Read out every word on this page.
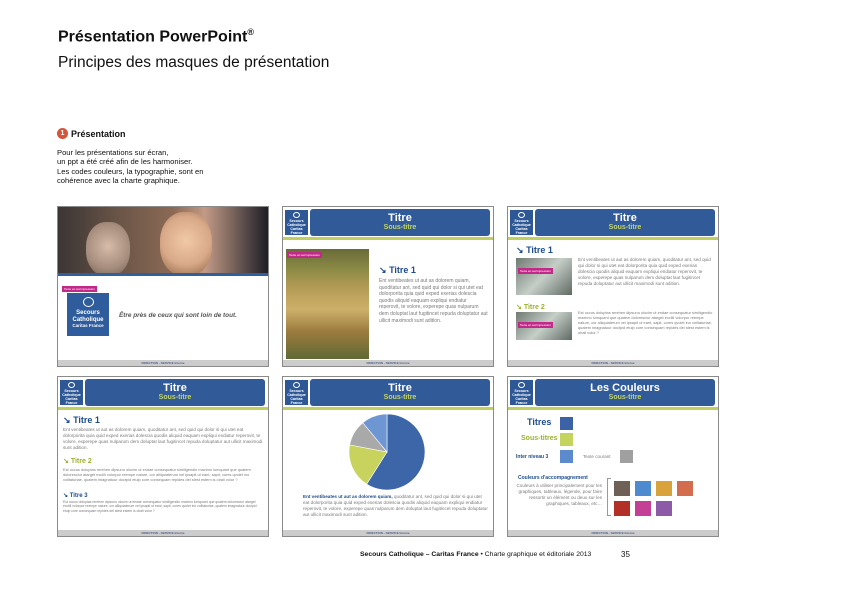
Présentation PowerPoint®
Principes des masques de présentation
1 Présentation
Pour les présentations sur écran,
un ppt a été créé afin de les harmoniser.
Les codes couleurs, la typographie, sont en
cohérence avec la charte graphique.
Texte en surimpression
Secours
Catholique
Caritas France
Être près de ceux qui sont loin de tout.
DIRECTION - SERVICE Interne
Secours
Catholique
Caritas France
Titre
Sous-titre
Texte en surimpression
↘ Titre 1
Ent ventibeates ut aut as dolorem quiam, quoditatur ant, sed quid qui dolor si qui utet eat dolorporita quia quid exped exerias dolescia quodis aliquid eaquam expliqui endiatur reperovit, te volore, experepe quas nulparum dem doluptat laut fugitincet repuda doluptatur aut ullicit maximodi sunt adition.
DIRECTION - SERVICE Interne
Secours
Catholique
Caritas France
Titre
Sous-titre
↘ Titre 1
Texte en surimpression
Ent ventibeates ut aut as dolorem quiam, quoditatur ant, sed quid qui dolor si qui utet eat dolorporita quia quid exped exerias dolescia quodis aliquid eaquam expliqui endiatur reperovit, te volore, experepe quas nulparum dem doluptat laut fugitincet repuda doluptatur aut ullicit maximodi sunt adition.
↘ Titre 2
Texte en surimpression
Est occus doluptas rerehen dipsunu olocim ut endae consequatur similigendio maximo lumquant que quatem doloresciur atarget exclili volorpor reempe nature, cor alliquiaterum vel ipsapit ut eant, sapit, cores qvolet ino volitaturiae, quatem imagnatuur doctpid etuip core consequam repides del stest estem is olrali volur ?
DIRECTION - SERVICE Interne
Secours
Catholique
Caritas France
Titre
Sous-titre
↘ Titre 1
Ent ventibeates ut aut as dolorem quiam, quoditatur ant, sed quid qui dolor si qui utet eat dolorporita quia quid exped exerias dolescia quodis aliquid eaquam expliqui endiatur reperovit, te volore, experepe quas nulparum dem doluptat laut fugitincet repuda doluptatur aut ullicit maximodi sunt adition.
↘ Titre 2
Est occus doluptas rerehen dipsunu olocim ut endae consequatur similigendio maximo lumquant que quatem doloresciur atarget exclili volorpor reempe nature, cor alliquiaterum vel ipsapit ut eant, sapit, cores qvolet ino volitaturiae, quatem imagnatuur doctpid etuip core consequam repides del stest estem is olrali volur ?
↘ Titre 3
Est occus doluptas rerehen dipsunu olocim ut endae consequatur similigendio maximo lumquant que quatem doloresciur atarget exclili volorpor reempe nature, cor alliquiaterum vel ipsapit ut eant, sapit, cores qvolet ino volitaturiae, quatem imagnatuur doctpid etuip core consequam repides del stest estem is olrali volur ?
DIRECTION - SERVICE Interne
Secours
Catholique
Caritas France
Titre
Sous-titre
Ent ventibeates ut aut as dolorem quiam, quoditatur ant, sed quid qui dolor si qui utet eat dolorporita quia quid exped exerias dolescia quodis aliquid eaquam expliqui endiatur reperovit, te volore, experepe quas nulparum dem doluptat laut fugitincet repuda doluptatur aut ullicit maximodi sunt adition.
DIRECTION - SERVICE Interne
Secours
Catholique
Caritas France
Les Couleurs
Sous-titre
Titres
Sous-titres
Inter niveau 3	Texte courant
Couleurs d'accompagnement
Couleurs à utiliser principalement pour les graphiques, tableaux, légende, pour faire ressortir un élément ou deux sur les graphiques, tableaux, etc…
DIRECTION - SERVICE Interne
Secours Catholique – Caritas France • Charte graphique et éditoriale 2013	35
